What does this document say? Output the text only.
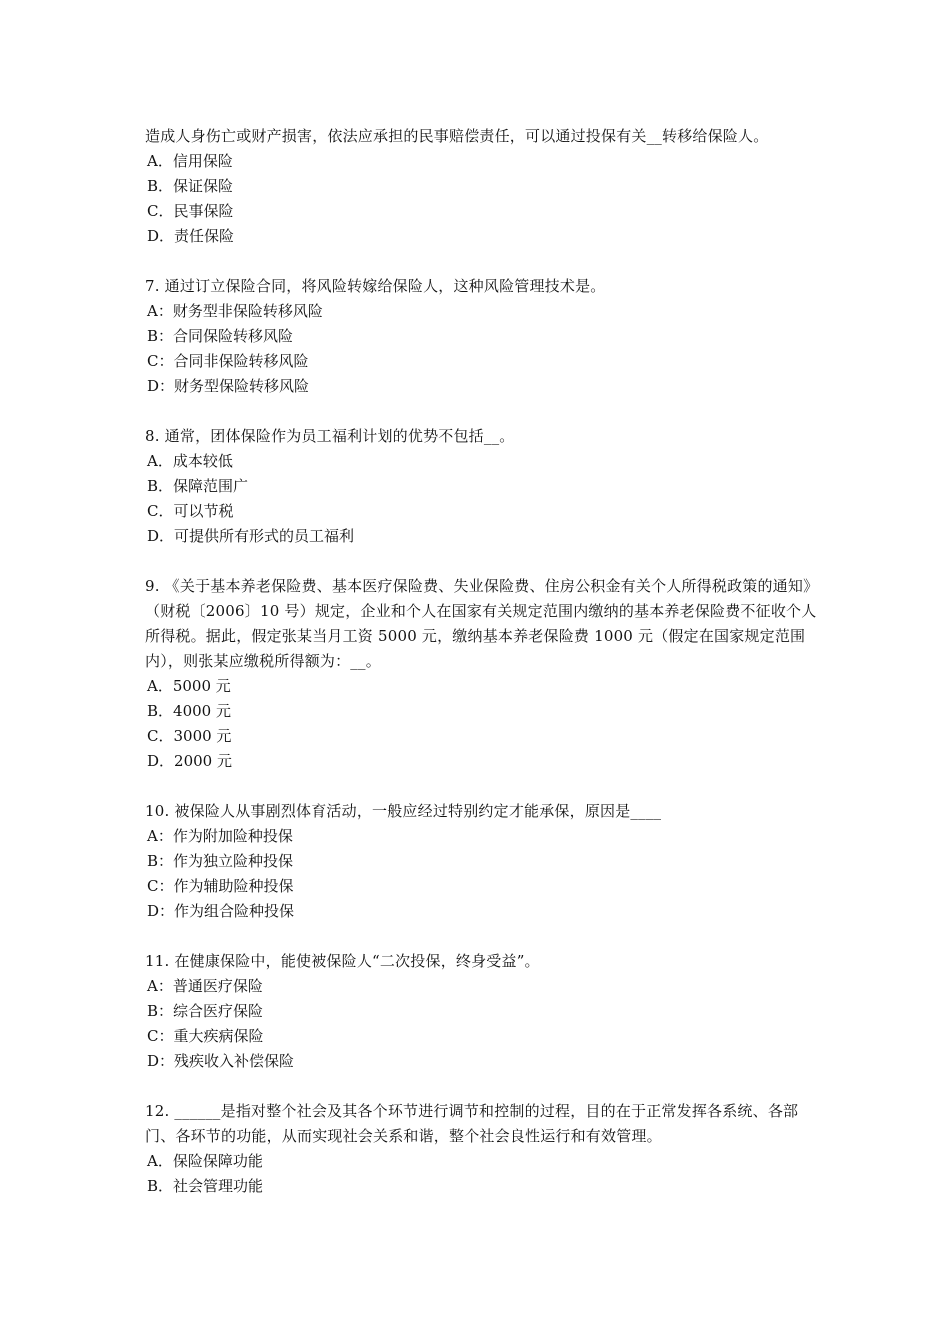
造成人身伤亡或财产损害，依法应承担的民事赔偿责任，可以通过投保有关__转移给保险人。
A．信用保险
B．保证保险
C．民事保险
D．责任保险
7. 通过订立保险合同，将风险转嫁给保险人，这种风险管理技术是。
A：财务型非保险转移风险
B：合同保险转移风险
C：合同非保险转移风险
D：财务型保险转移风险
8. 通常，团体保险作为员工福利计划的优势不包括__。
A．成本较低
B．保障范围广
C．可以节税
D．可提供所有形式的员工福利
9. 《关于基本养老保险费、基本医疗保险费、失业保险费、住房公积金有关个人所得税政策的通知》（财税〔2006〕10 号）规定，企业和个人在国家有关规定范围内缴纳的基本养老保险费不征收个人所得税。据此，假定张某当月工资 5000 元，缴纳基本养老保险费 1000 元（假定在国家规定范围内），则张某应缴税所得额为：__。
A．5000 元
B．4000 元
C．3000 元
D．2000 元
10. 被保险人从事剧烈体育活动，一般应经过特别约定才能承保，原因是____
A：作为附加险种投保
B：作为独立险种投保
C：作为辅助险种投保
D：作为组合险种投保
11. 在健康保险中，能使被保险人“二次投保，终身受益”。
A：普通医疗保险
B：综合医疗保险
C：重大疾病保险
D：残疾收入补偿保险
12. ______是指对整个社会及其各个环节进行调节和控制的过程，目的在于正常发挥各系统、各部门、各环节的功能，从而实现社会关系和谐，整个社会良性运行和有效管理。
A．保险保障功能
B．社会管理功能
